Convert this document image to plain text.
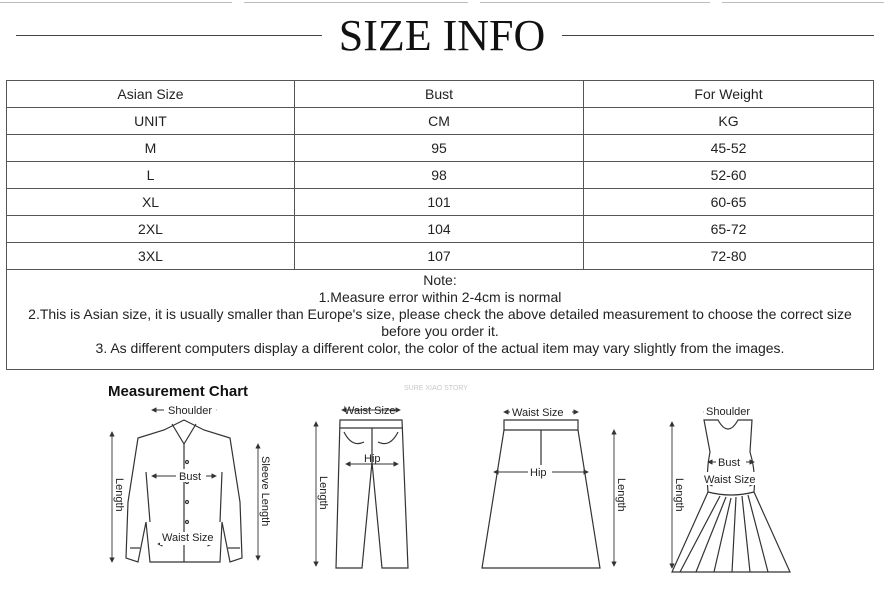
SIZE INFO
Asian Size	Bust	For Weight
UNIT	CM	KG
M	95	45-52
L	98	52-60
XL	101	60-65
2XL	104	65-72
3XL	107	72-80

Note:
1.Measure error within 2-4cm is normal
2.This is Asian size, it is usually smaller than Europe's size, please check the above detailed measurement to choose the correct size before you order it.
3. As different computers display a different color, the color of the actual item may vary slightly from the images.		
Measurement Chart	SURE XIAO STORY
Shoulder
Bust
Waist Size
Length	Sleeve Length
Waist Size
Hip
Length
Waist Size
Hip
Length
Shoulder
Bust
Waist Size
Length
